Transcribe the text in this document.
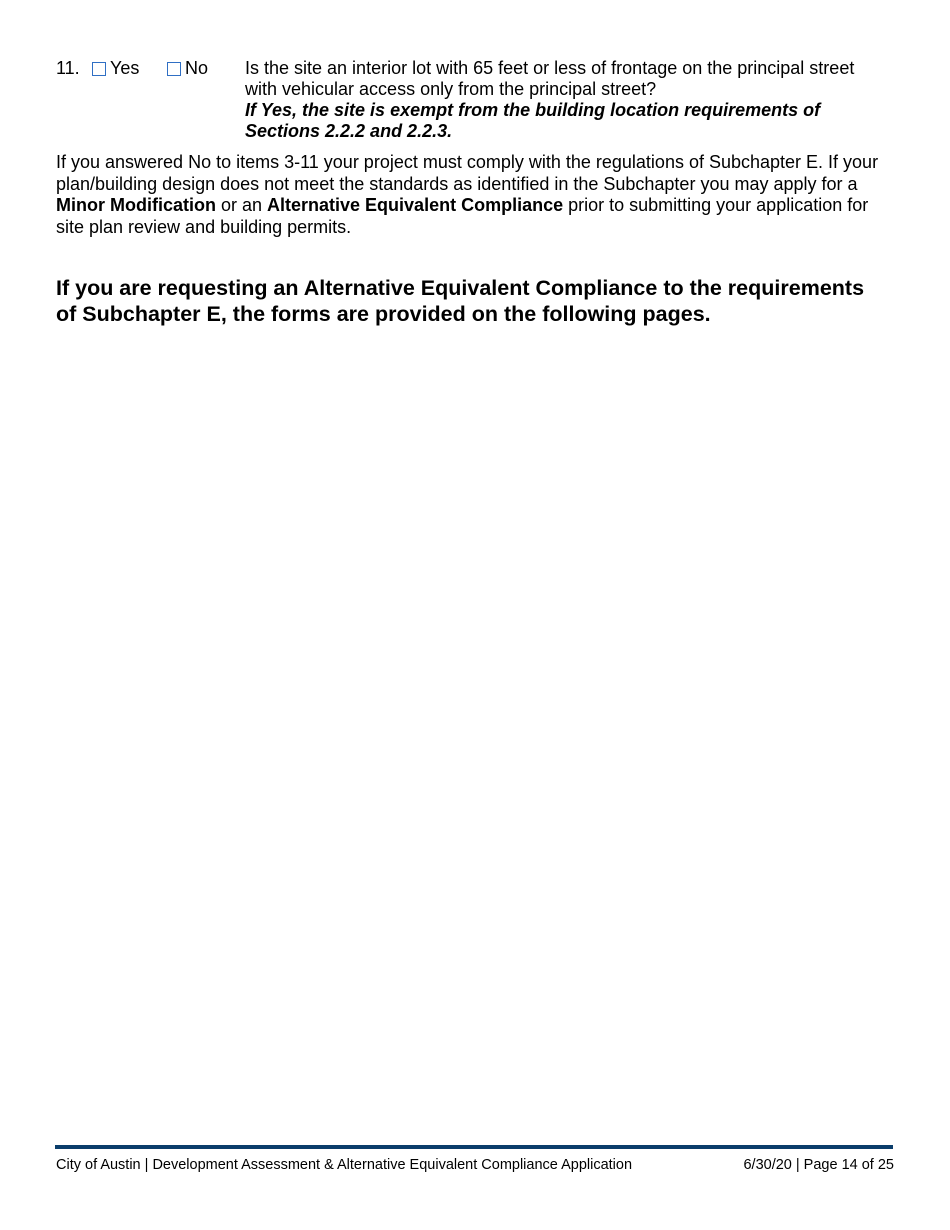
11. Yes	No Is the site an interior lot with 65 feet or less of frontage on the principal street
with vehicular access only from the principal street?
If Yes, the site is exempt from the building location requirements of
Sections 2.2.2 and 2.2.3.

If you answered No to items 3-11 your project must comply with the regulations of Subchapter E. If your plan/building design does not meet the standards as identified in the Subchapter you may apply for a Minor Modification or an Alternative Equivalent Compliance prior to submitting your application for site plan review and building permits.

If you are requesting an Alternative Equivalent Compliance to the requirements
of Subchapter E, the forms are provided on the following pages.
City of Austin | Development Assessment & Alternative Equivalent Compliance Application	6/30/20 | Page 14 of 25
